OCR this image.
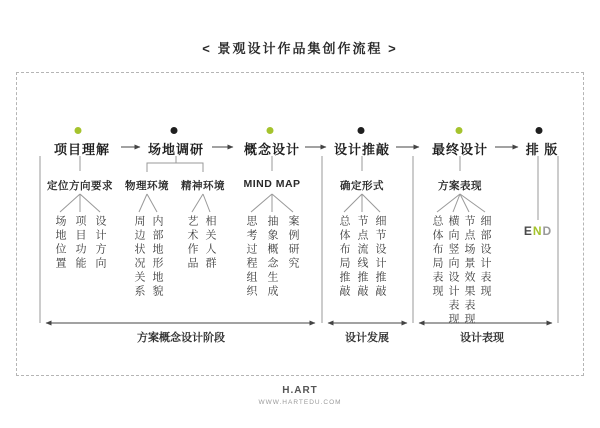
< 景观设计作品集创作流程 >
项目理解	场地调研	概念设计	设计推敲	最终设计	排 版
定位方向要求 物理环境 精神环境 MIND MAP	确定形式	方案表现
场地位置 项目功能 设计方向 周边状况关系 内部地形地貌 艺术作品 相关人群	思考过程组织 抽象概念生成 案例研究	总体布局推敲 节点流线推敲 细节设计推敲	总体布局表现 横向竖向设计表现 节点场景效果表现 细部设计表现	END
方案概念设计阶段	设计发展	设计表现
H.ART
WWW.HARTEDU.COM
